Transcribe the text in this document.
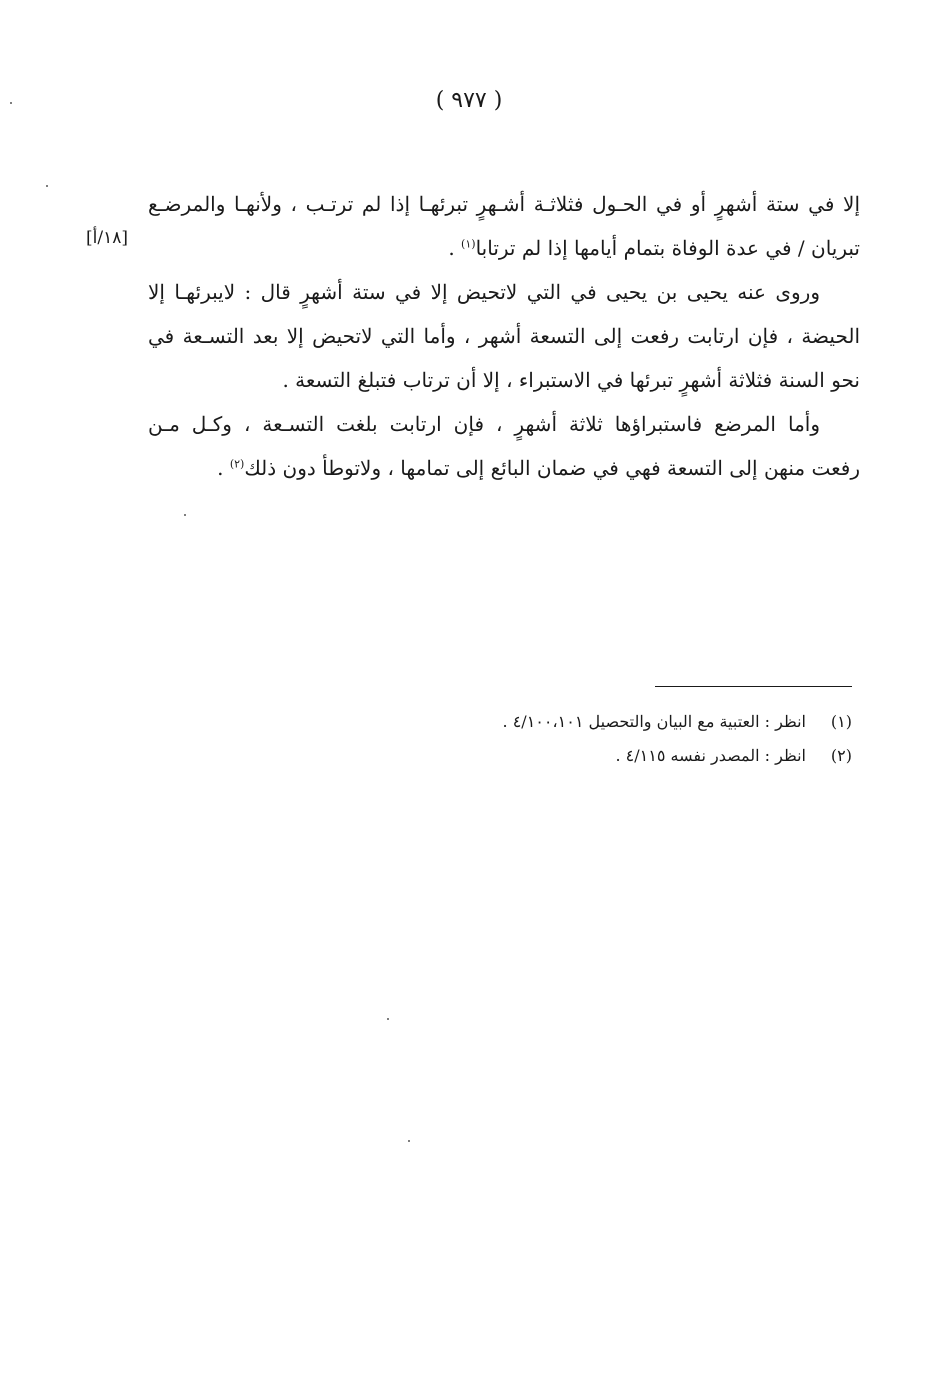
( ٩٧٧ )
[١٨/أ]
إلا في ستة أشهرٍ أو في الحـول فثلاثـة أشـهرٍ تبرئهـا إذا لم ترتـب ، ولأنهـا والمرضـع
تبريان / في عدة الوفاة بتمام أيامها إذا لم ترتابا$^{(١)}$ .
وروى عنه يحيى بن يحيى في التي لاتحيض إلا في ستة أشهرٍ قال : لايبرئهـا إلا
الحيضة ، فإن ارتابت رفعت إلى التسعة أشهر ، وأما التي لاتحيض إلا بعد التسـعة في
نحو السنة فثلاثة أشهرٍ تبرئها في الاستبراء ، إلا أن ترتاب فتبلغ التسعة .
وأما المرضع فاستبراؤها ثلاثة أشهرٍ ، فإن ارتابت بلغت التسـعة ، وكـل مـن
رفعت منهن إلى التسعة فهي في ضمان البائع إلى تمامها ، ولاتوطأ دون ذلك$^{(٢)}$ .
(١)
انظر : العتبية مع البيان والتحصيل ٤/١٠٠،١٠١ .
(٢)
انظر : المصدر نفسه ٤/١١٥ .
